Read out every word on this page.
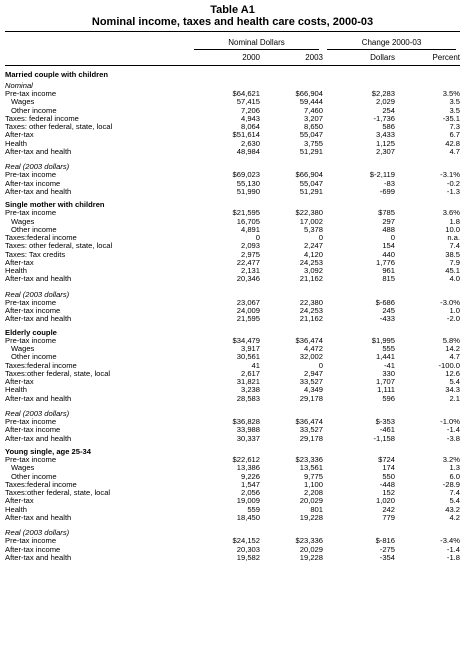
Table A1
Nominal income, taxes and health care costs, 2000-03

	Nominal Dollars		Change 2000-03	

	2000	2003	Dollars	Percent
Married couple with children				
Nominal				
Pre-tax income	$64,621	$66,904	$2,283	3.5%
Wages	57,415	59,444	2,029	3.5
Other income	7,206	7,460	254	3.5
Taxes: federal income	4,943	3,207	-1,736	-35.1
Taxes: other federal, state, local	8,064	8,650	586	7.3
After-tax	$51,614	55,047	3,433	6.7
Health	2,630	3,755	1,125	42.8
After-tax and health	48,984	51,291	2,307	4.7

Real (2003 dollars)				
Pre-tax income	$69,023	$66,904	$-2,119	-3.1%
After-tax income	55,130	55,047	-83	-0.2
After-tax and health	51,990	51,291	-699	-1.3
Single mother with children				
Pre-tax income	$21,595	$22,380	$785	3.6%
Wages	16,705	17,002	297	1.8
Other income	4,891	5,378	488	10.0
Taxes:federal income	0	0	0	n.a.
Taxes: other federal, state, local	2,093	2,247	154	7.4
Taxes: Tax credits	2,975	4,120	440	38.5
After-tax	22,477	24,253	1,776	7.9
Health	2,131	3,092	961	45.1
After-tax and health	20,346	21,162	815	4.0

Real (2003 dollars)				
Pre-tax income	23,067	22,380	$-686	-3.0%
After-tax income	24,009	24,253	245	1.0
After-tax and health	21,595	21,162	-433	-2.0
Elderly couple				
Pre-tax income	$34,479	$36,474	$1,995	5.8%
Wages	3,917	4,472	555	14.2
Other income	30,561	32,002	1,441	4.7
Taxes:federal income	41	0	-41	-100.0
Taxes:other federal, state, local	2,617	2,947	330	12.6
After-tax	31,821	33,527	1,707	5.4
Health	3,238	4,349	1,111	34.3
After-tax and health	28,583	29,178	596	2.1

Real (2003 dollars)				
Pre-tax income	$36,828	$36,474	$-353	-1.0%
After-tax income	33,988	33,527	-461	-1.4
After-tax and health	30,337	29,178	-1,158	-3.8
Young single, age 25-34				
Pre-tax income	$22,612	$23,336	$724	3.2%
Wages	13,386	13,561	174	1.3
Other income	9,226	9,775	550	6.0
Taxes:federal income	1,547	1,100	-448	-28.9
Taxes:other federal, state, local	2,056	2,208	152	7.4
After-tax	19,009	20,029	1,020	5.4
Health	559	801	242	43.2
After-tax and health	18,450	19,228	779	4.2

Real (2003 dollars)				
Pre-tax income	$24,152	$23,336	$-816	-3.4%
After-tax income	20,303	20,029	-275	-1.4
After-tax and health	19,582	19,228	-354	-1.8
